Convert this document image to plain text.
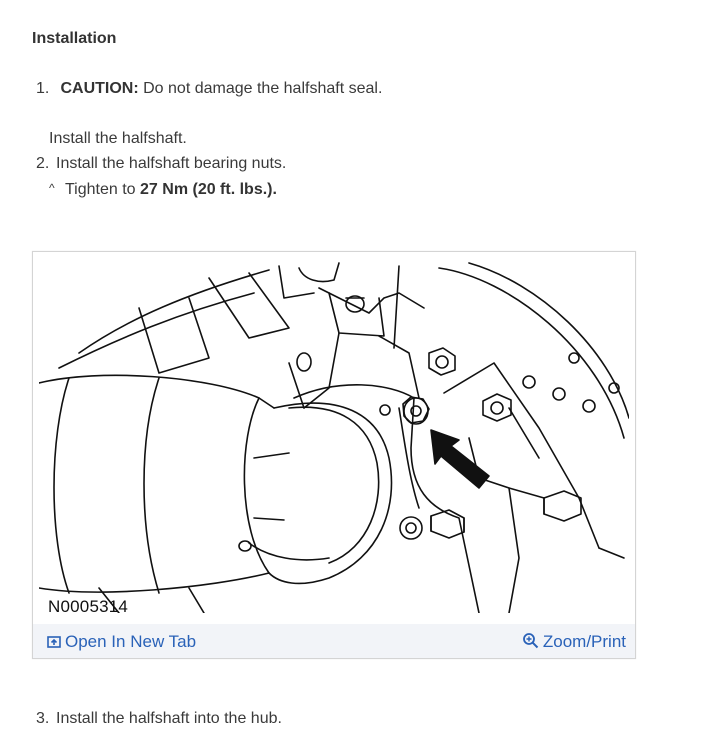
Installation
1. CAUTION: Do not damage the halfshaft seal.
Install the halfshaft.
2. Install the halfshaft bearing nuts.
^ Tighten to 27 Nm (20 ft. lbs.).
N0005314
Open In New Tab	Zoom/Print
3. Install the halfshaft into the hub.
